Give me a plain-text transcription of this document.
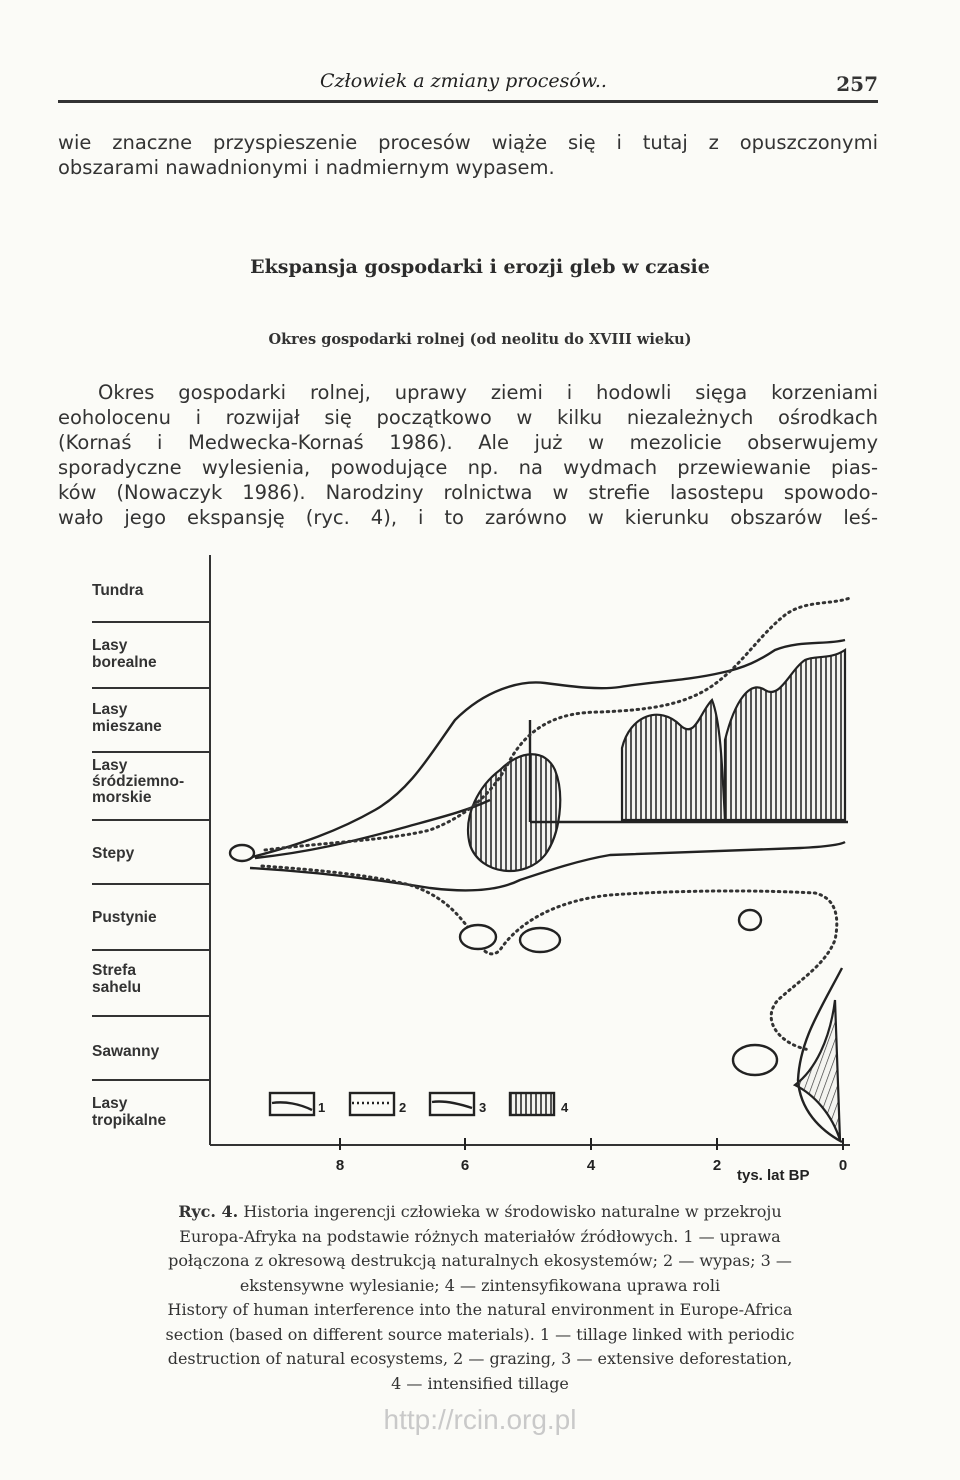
Człowiek a zmiany procesów..	257
wie znaczne przyspieszenie procesów wiąże się i tutaj z opuszczonymi
obszarami nawadnionymi i nadmiernym wypasem.
Ekspansja gospodarki i erozji gleb w czasie
Okres gospodarki rolnej (od neolitu do XVIII wieku)
Okres gospodarki rolnej, uprawy ziemi i hodowli sięga korzeniami
eoholocenu i rozwijał się początkowo w kilku niezależnych ośrodkach
(Kornaś i Medwecka-Kornaś 1986). Ale już w mezolicie obserwujemy
sporadyczne wylesienia, powodujące np. na wydmach przewiewanie pias-
ków (Nowaczyk 1986). Narodziny rolnictwa w strefie lasostepu spowodo-
wało jego ekspansję (ryc. 4), i to zarówno w kierunku obszarów leś-
Tundra
Lasy borealne
Lasy mieszane
Lasy śródziemno-morskie
Stepy
Pustynie
Strefa sahelu
Sawanny
Lasy tropikalne
1	2	3	4
8	6	4	2	0
tys. lat BP
Ryc. 4. Historia ingerencji człowieka w środowisko naturalne w przekroju
Europa-Afryka na podstawie różnych materiałów źródłowych. 1 — uprawa
połączona z okresową destrukcją naturalnych ekosystemów; 2 — wypas; 3 —
ekstensywne wylesianie; 4 — zintensyfikowana uprawa roli
History of human interference into the natural environment in Europe-Africa
section (based on different source materials). 1 — tillage linked with periodic
destruction of natural ecosystems, 2 — grazing, 3 — extensive deforestation,
4 — intensified tillage
http://rcin.org.pl
